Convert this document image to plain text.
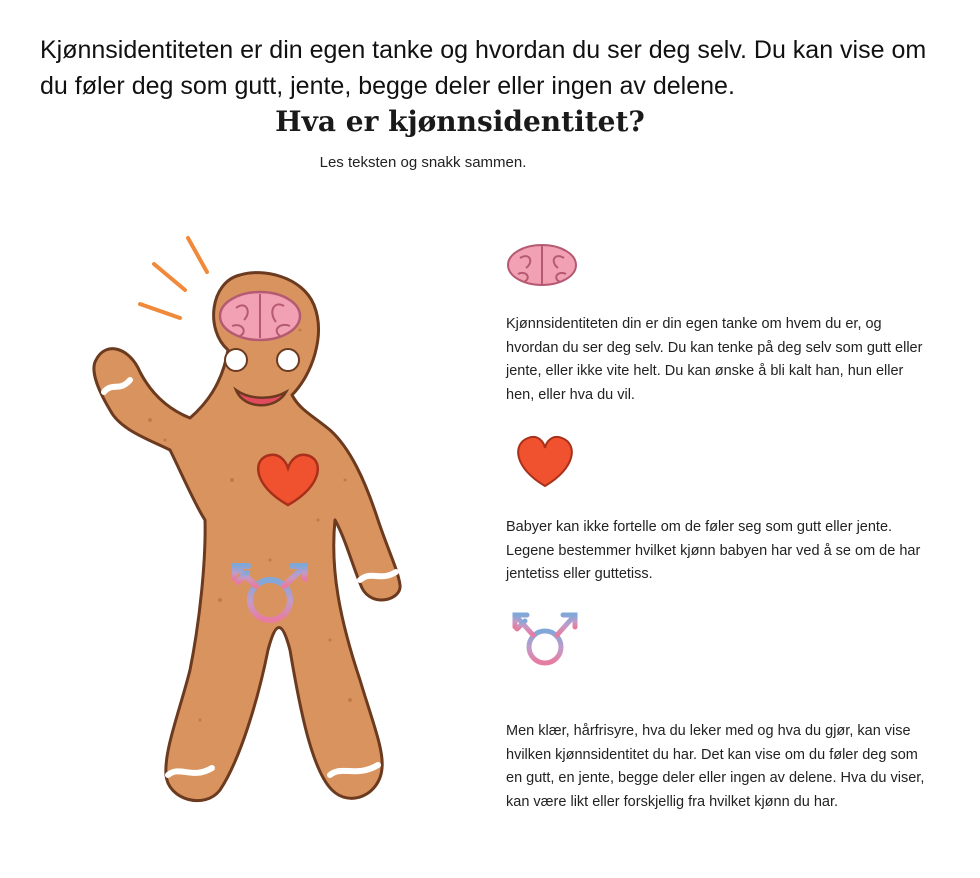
Kjønnsidentiteten er din egen tanke og hvordan du ser deg selv. Du kan vise om du føler deg som gutt, jente, begge deler eller ingen av delene.
Hva er kjønnsidentitet?
Les teksten og snakk sammen.
Kjønnsidentiteten din er din egen tanke om hvem du er, og hvordan du ser deg selv. Du kan tenke på deg selv som gutt eller jente, eller ikke vite helt. Du kan ønske å bli kalt han, hun eller hen, eller hva du vil.
Babyer kan ikke fortelle om de føler seg som gutt eller jente. Legene bestemmer hvilket kjønn babyen har ved å se om de har jentetiss eller guttetiss.
Men klær, hårfrisyre, hva du leker med og hva du gjør, kan vise hvilken kjønnsidentitet du har. Det kan vise om du føler deg som en gutt, en jente, begge deler eller ingen av delene. Hva du viser, kan være likt eller forskjellig fra hvilket kjønn du har.
